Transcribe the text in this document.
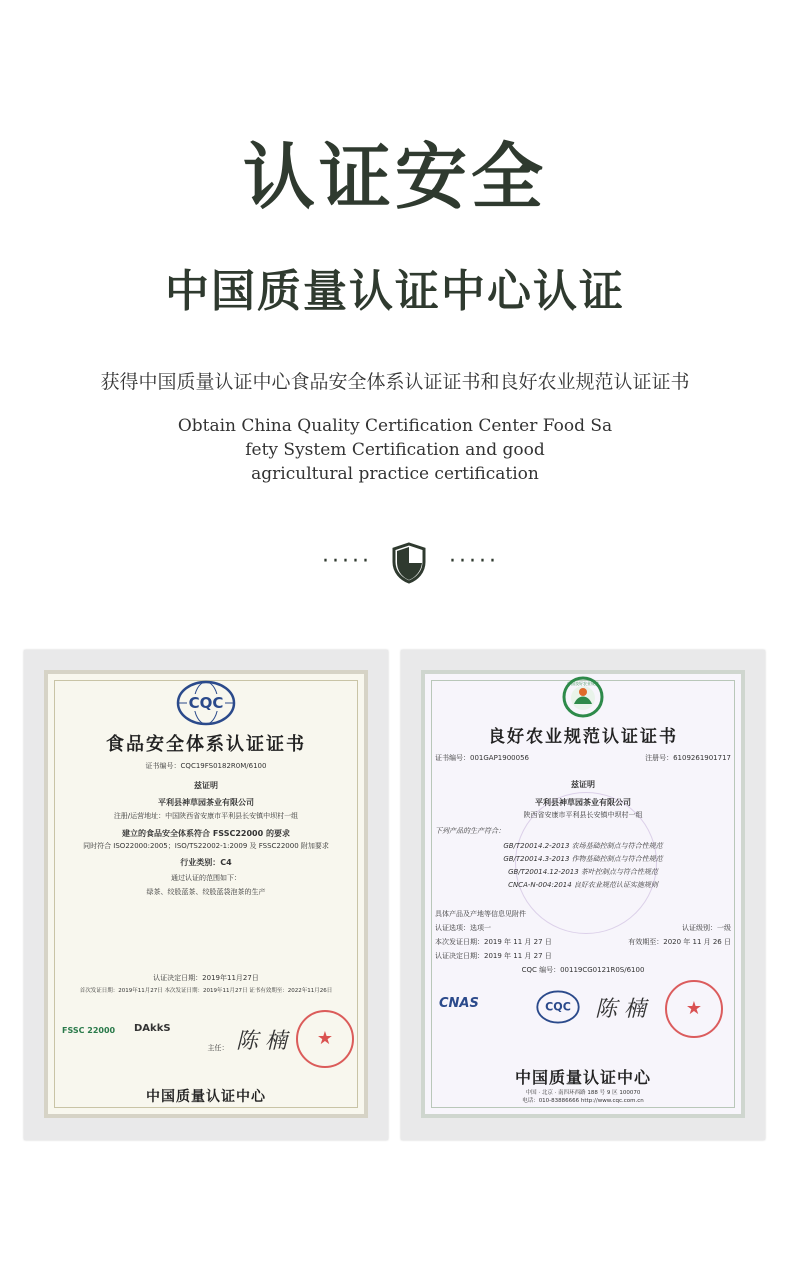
认证安全
中国质量认证中心认证
获得中国质量认证中心食品安全体系认证证书和良好农业规范认证证书
Obtain China Quality Certification Center Food Sa
fety System Certification and good
agricultural practice certification
·····	·····
CQC
食品安全体系认证证书
证书编号：CQC19FS0182R0M/6100
兹证明
平利县神草园茶业有限公司
注册/运营地址：中国陕西省安康市平利县长安镇中坝村一组
建立的食品安全体系符合 FSSC22000 的要求
同时符合 ISO22000:2005；ISO/TS22002-1:2009 及 FSSC22000 附加要求
行业类别：C4
通过认证的范围如下：
绿茶、绞股蓝茶、绞股蓝袋泡茶的生产
认证决定日期：2019年11月27日
首次发证日期：2019年11月27日 本次发证日期：2019年11月27日 证书有效期至：2022年11月26日
FSSC 22000 DAkkS
主任： 陈 楠
★
中国质量认证中心
中国良好农业规范
良好农业规范认证证书
证书编号：001GAP1900056	注册号：6109261901717
兹证明
平利县神草园茶业有限公司
陕西省安康市平利县长安镇中坝村一组
下列产品的生产符合：
GB/T20014.2-2013 农场基础控制点与符合性规范
GB/T20014.3-2013 作物基础控制点与符合性规范
GB/T20014.12-2013 茶叶控制点与符合性规范
CNCA-N-004:2014 良好农业规范认证实施规则
具体产品及产地等信息见附件
认证选项：选项一	认证级别：一级
本次发证日期：2019 年 11 月 27 日	有效期至：2020 年 11 月 26 日
认证决定日期：2019 年 11 月 27 日
CQC 编号：00119CG0121R0S/6100
CNAS	CQC 陈 楠
★
中国质量认证中心
中国 · 北京 · 南四环西路 188 号 9 区 100070
电话：010-83886666 http://www.cqc.com.cn
